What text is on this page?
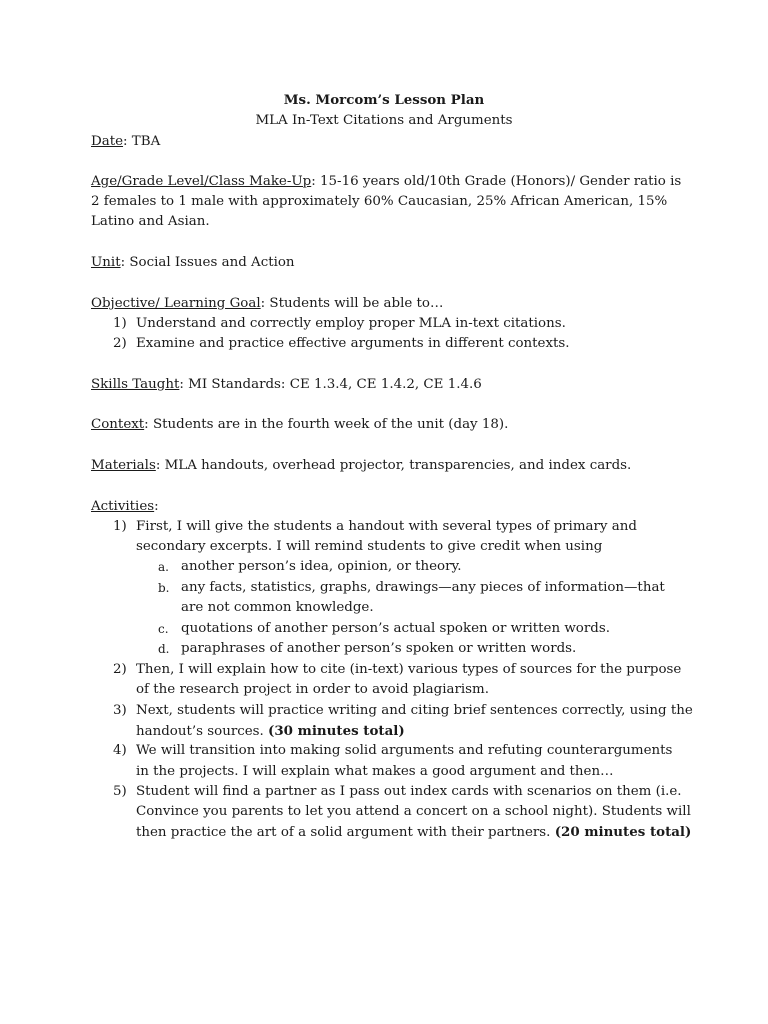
Ms. Morcom’s Lesson Plan
MLA In-Text Citations and Arguments
Date: TBA
Age/Grade Level/Class Make-Up: 15-16 years old/10th Grade (Honors)/ Gender ratio is
2 females to 1 male with approximately 60% Caucasian, 25% African American, 15%
Latino and Asian.
Unit: Social Issues and Action
Objective/ Learning Goal: Students will be able to…
1) Understand and correctly employ proper MLA in-text citations.
2) Examine and practice effective arguments in different contexts.
Skills Taught: MI Standards: CE 1.3.4, CE 1.4.2, CE 1.4.6
Context: Students are in the fourth week of the unit (day 18).
Materials: MLA handouts, overhead projector, transparencies, and index cards.
Activities:
1) First, I will give the students a handout with several types of primary and
secondary excerpts. I will remind students to give credit when using
a. another person’s idea, opinion, or theory.
b. any facts, statistics, graphs, drawings—any pieces of information—that
are not common knowledge.
c. quotations of another person’s actual spoken or written words.
d. paraphrases of another person’s spoken or written words.
2) Then, I will explain how to cite (in-text) various types of sources for the purpose
of the research project in order to avoid plagiarism.
3) Next, students will practice writing and citing brief sentences correctly, using the
handout’s sources. (30 minutes total)
4) We will transition into making solid arguments and refuting counterarguments
in the projects. I will explain what makes a good argument and then…
5) Student will find a partner as I pass out index cards with scenarios on them (i.e.
Convince you parents to let you attend a concert on a school night). Students will
then practice the art of a solid argument with their partners. (20 minutes total)
